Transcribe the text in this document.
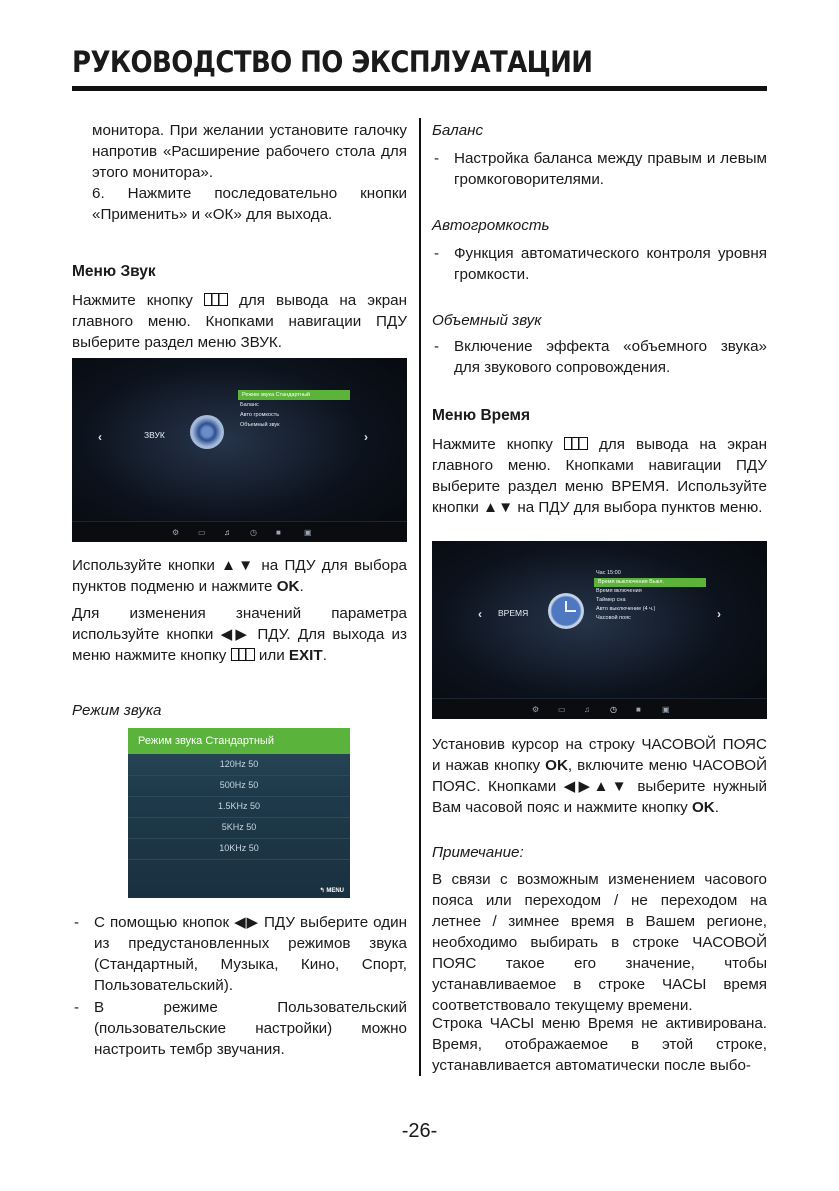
РУКОВОДСТВО ПО ЭКСПЛУАТАЦИИ

монитора. При желании установите галочку напротив «Расширение рабочего стола для этого монитора».

6. Нажмите последовательно кнопки «Применить» и «ОК» для выхода.

Меню Звук

Нажмите кнопку	для вывода на экран главного меню. Кнопками навигации ПДУ выберите раздел меню ЗВУК.

‹	ЗВУК	›
Режим звука Стандартный
Баланс
Авто громкость
Объемный звук
⚙ ▭ ♫	◷ ■	▣

Используйте кнопки ▲▼ на ПДУ для выбора пунктов подменю и нажмите OK.

Для изменения значений параметра используйте кнопки ◀▶ ПДУ. Для выхода из меню нажмите кнопку или EXIT.

Режим звука
Режим звука Стандартный
120Hz 50
500Hz 50
1.5KHz 50
5KHz 50
10KHz 50
↰ MENU

- С помощью кнопок ◀▶ ПДУ выберите один из предустановленных режимов звука (Стандартный, Музыка, Кино, Спорт, Пользовательский).

- В режиме Пользовательский (пользовательские настройки) можно настроить тембр звучания.

Баланс

- Настройка баланса между правым и левым громкоговорителями.

Автогромкость

- Функция автоматического контроля уровня громкости.

Объемный звук

- Включение эффекта «объемного звука» для звукового сопровождения.

Меню Время

Нажмите кнопку	для вывода на экран главного меню. Кнопками навигации ПДУ выберите раздел меню ВРЕМЯ. Используйте кнопки ▲▼ на ПДУ для выбора пунктов меню.

‹ ВРЕМЯ	›
Час 15:00
Время выключения Выкл.
Время включения
Таймер сна
Авто выключение (4 ч.)
Часовой пояс
⚙ ▭ ♫	◷ ■	▣

Установив курсор на строку ЧАСОВОЙ ПОЯС и нажав кнопку OK, включите меню ЧАСОВОЙ ПОЯС. Кнопками ◀▶▲▼ выберите нужный Вам часовой пояс и нажмите кнопку OK.

Примечание:

В связи с возможным изменением часового пояса или переходом / не переходом на летнее / зимнее время в Вашем регионе, необходимо выбирать в строке ЧАСОВОЙ ПОЯС такое его значение, чтобы устанавливаемое в строке ЧАСЫ время соответствовало текущему времени.

Строка ЧАСЫ меню Время не активирована. Время, отображаемое в этой строке, устанавливается автоматически после выбо-

-26-
